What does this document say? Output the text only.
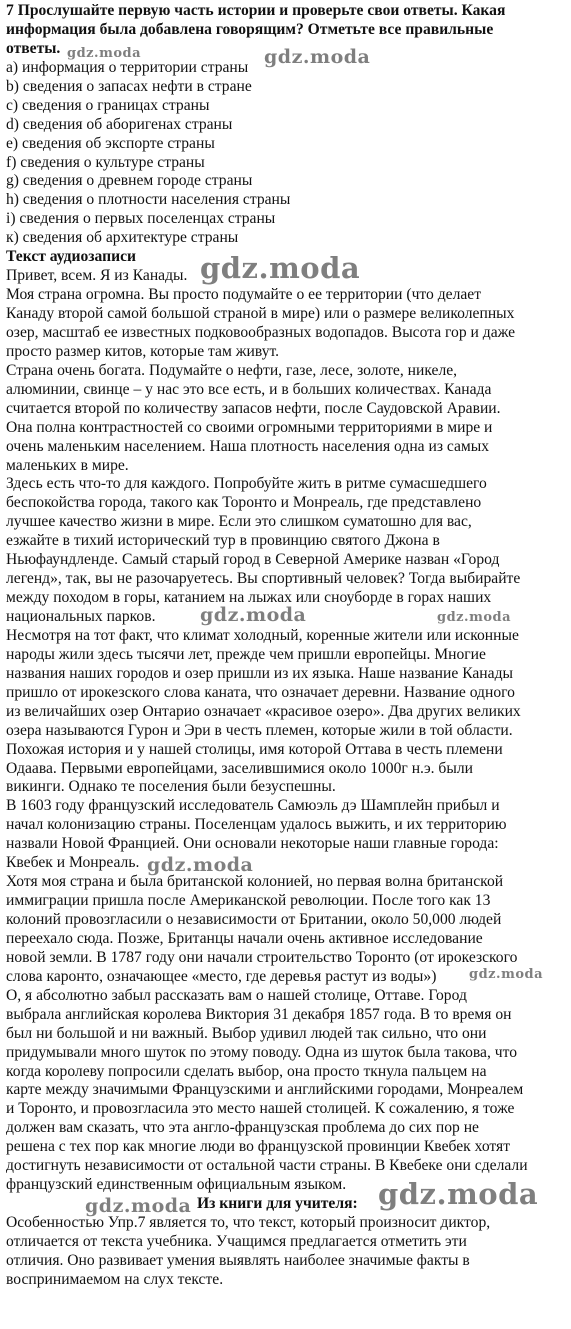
7 Прослушайте первую часть истории и проверьте свои ответы. Какая
информация была добавлена говорящим? Отметьте все правильные
ответы.
a) информация о территории страны
b) сведения о запасах нефти в стране
c) сведения о границах страны
d) сведения об аборигенах страны
e) сведения об экспорте страны
f) сведения о культуре страны
g) сведения о древнем городе страны
h) сведения о плотности населения страны
i) сведения о первых поселенцах страны
к) сведения об архитектуре страны
Текст аудиозаписи
Привет, всем. Я из Канады.
Моя страна огромна. Вы просто подумайте о ее территории (что делает
Канаду второй самой большой страной в мире) или о размере великолепных
озер, масштаб ее известных подковообразных водопадов. Высота гор и даже
просто размер китов, которые там живут.
Страна очень богата. Подумайте о нефти, газе, лесе, золоте, никеле,
алюминии, свинце – у нас это все есть, и в больших количествах. Канада
считается второй по количеству запасов нефти, после Саудовской Аравии.
Она полна контрастностей со своими огромными территориями в мире и
очень маленьким населением. Наша плотность населения одна из самых
маленьких в мире.
Здесь есть что-то для каждого. Попробуйте жить в ритме сумасшедшего
беспокойства города, такого как Торонто и Монреаль, где представлено
лучшее качество жизни в мире. Если это слишком суматошно для вас,
езжайте в тихий исторический тур в провинцию святого Джона в
Ньюфаундленде. Самый старый город в Северной Америке назван «Город
легенд», так, вы не разочаруетесь. Вы спортивный человек? Тогда выбирайте
между походом в горы, катанием на лыжах или сноуборде в горах наших
национальных парков.
Несмотря на тот факт, что климат холодный, коренные жители или исконные
народы жили здесь тысячи лет, прежде чем пришли европейцы. Многие
названия наших городов и озер пришли из их языка. Наше название Канады
пришло от ирокезского слова каната, что означает деревни. Название одного
из величайших озер Онтарио означает «красивое озеро». Два других великих
озера называются Гурон и Эри в честь племен, которые жили в той области.
Похожая история и у нашей столицы, имя которой Оттава в честь племени
Одаава. Первыми европейцами, заселившимися около 1000г н.э. были
викинги. Однако те поселения были безуспешны.
В 1603 году французский исследователь Самюэль дэ Шамплейн прибыл и
начал колонизацию страны. Поселенцам удалось выжить, и их территорию
назвали Новой Францией. Они основали некоторые наши главные города:
Квебек и Монреаль.
Хотя моя страна и была британской колонией, но первая волна британской
иммиграции пришла после Американской революции. После того как 13
колоний провозгласили о независимости от Британии, около 50,000 людей
переехало сюда. Позже, Британцы начали очень активное исследование
новой земли. В 1787 году они начали строительство Торонто (от ирокезского
слова каронто, означающее «место, где деревья растут из воды»)
О, я абсолютно забыл рассказать вам о нашей столице, Оттаве. Город
выбрала английская королева Виктория 31 декабря 1857 года. В то время он
был ни большой и ни важный. Выбор удивил людей так сильно, что они
придумывали много шуток по этому поводу. Одна из шуток была такова, что
когда королеву попросили сделать выбор, она просто ткнула пальцем на
карте между значимыми Французскими и английскими городами, Монреалем
и Торонто, и провозгласила это место нашей столицей. К сожалению, я тоже
должен вам сказать, что эта англо-французская проблема до сих пор не
решена с тех пор как многие люди во французской провинции Квебек хотят
достигнуть независимости от остальной части страны. В Квебеке они сделали
французский единственным официальным языком.
Из книги для учителя:
Особенностью Упр.7 является то, что текст, который произносит диктор,
отличается от текста учебника. Учащимся предлагается отметить эти
отличия. Оно развивает умения выявлять наиболее значимые факты в
воспринимаемом на слух тексте.
gdz.moda	gdz.moda
gdz.moda
gdz.moda	gdz.moda
gdz.moda
gdz.moda
gdz.moda	gdz.moda
